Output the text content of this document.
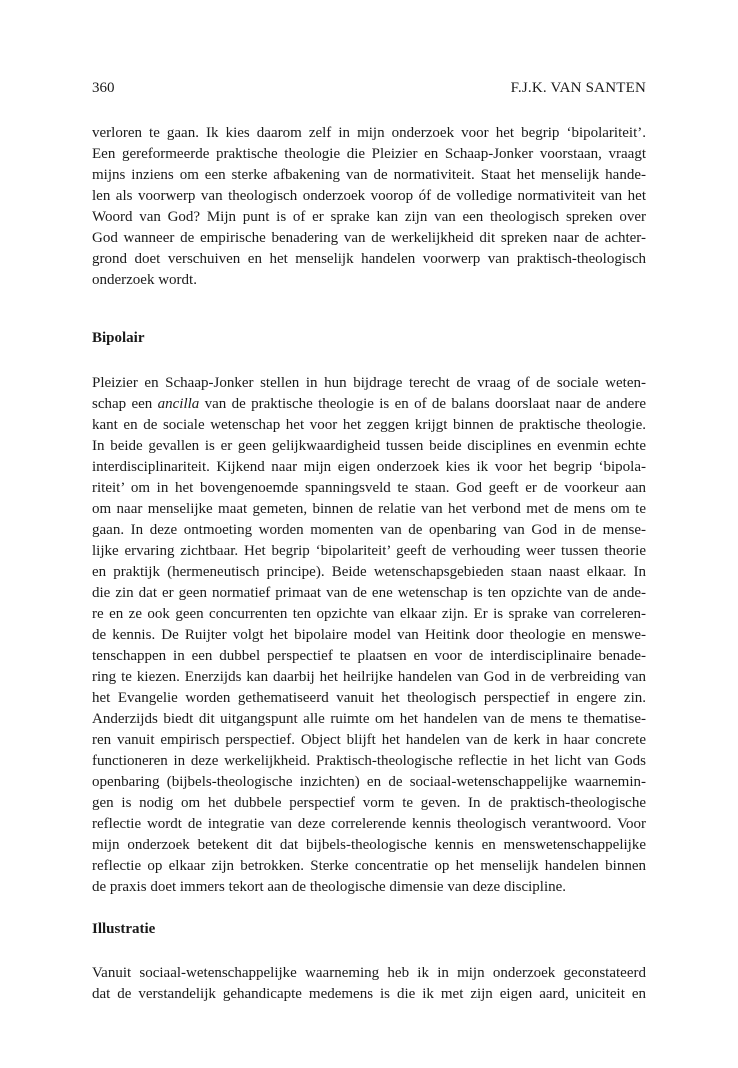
360	F.J.K. VAN SANTEN
verloren te gaan. Ik kies daarom zelf in mijn onderzoek voor het begrip ‘bipolariteit’.
Een gereformeerde praktische theologie die Pleizier en Schaap-Jonker voorstaan, vraagt
mijns inziens om een sterke afbakening van de normativiteit. Staat het menselijk hande-
len als voorwerp van theologisch onderzoek voorop óf de volledige normativiteit van het
Woord van God? Mijn punt is of er sprake kan zijn van een theologisch spreken over
God wanneer de empirische benadering van de werkelijkheid dit spreken naar de achter-
grond doet verschuiven en het menselijk handelen voorwerp van praktisch-theologisch
onderzoek wordt.
Bipolair
Pleizier en Schaap-Jonker stellen in hun bijdrage terecht de vraag of de sociale weten-
schap een ancilla van de praktische theologie is en of de balans doorslaat naar de andere
kant en de sociale wetenschap het voor het zeggen krijgt binnen de praktische theologie.
In beide gevallen is er geen gelijkwaardigheid tussen beide disciplines en evenmin echte
interdisciplinariteit. Kijkend naar mijn eigen onderzoek kies ik voor het begrip ‘bipola-
riteit’ om in het bovengenoemde spanningsveld te staan. God geeft er de voorkeur aan
om naar menselijke maat gemeten, binnen de relatie van het verbond met de mens om te
gaan. In deze ontmoeting worden momenten van de openbaring van God in de mense-
lijke ervaring zichtbaar. Het begrip ‘bipolariteit’ geeft de verhouding weer tussen theorie
en praktijk (hermeneutisch principe). Beide wetenschapsgebieden staan naast elkaar. In
die zin dat er geen normatief primaat van de ene wetenschap is ten opzichte van de ande-
re en ze ook geen concurrenten ten opzichte van elkaar zijn. Er is sprake van correleren-
de kennis. De Ruijter volgt het bipolaire model van Heitink door theologie en menswe-
tenschappen in een dubbel perspectief te plaatsen en voor de interdisciplinaire benade-
ring te kiezen. Enerzijds kan daarbij het heilrijke handelen van God in de verbreiding van
het Evangelie worden gethematiseerd vanuit het theologisch perspectief in engere zin.
Anderzijds biedt dit uitgangspunt alle ruimte om het handelen van de mens te thematise-
ren vanuit empirisch perspectief. Object blijft het handelen van de kerk in haar concrete
functioneren in deze werkelijkheid. Praktisch-theologische reflectie in het licht van Gods
openbaring (bijbels-theologische inzichten) en de sociaal-wetenschappelijke waarnemin-
gen is nodig om het dubbele perspectief vorm te geven. In de praktisch-theologische
reflectie wordt de integratie van deze correlerende kennis theologisch verantwoord. Voor
mijn onderzoek betekent dit dat bijbels-theologische kennis en menswetenschappelijke
reflectie op elkaar zijn betrokken. Sterke concentratie op het menselijk handelen binnen
de praxis doet immers tekort aan de theologische dimensie van deze discipline.
Illustratie
Vanuit sociaal-wetenschappelijke waarneming heb ik in mijn onderzoek geconstateerd
dat de verstandelijk gehandicapte medemens is die ik met zijn eigen aard, uniciteit en
